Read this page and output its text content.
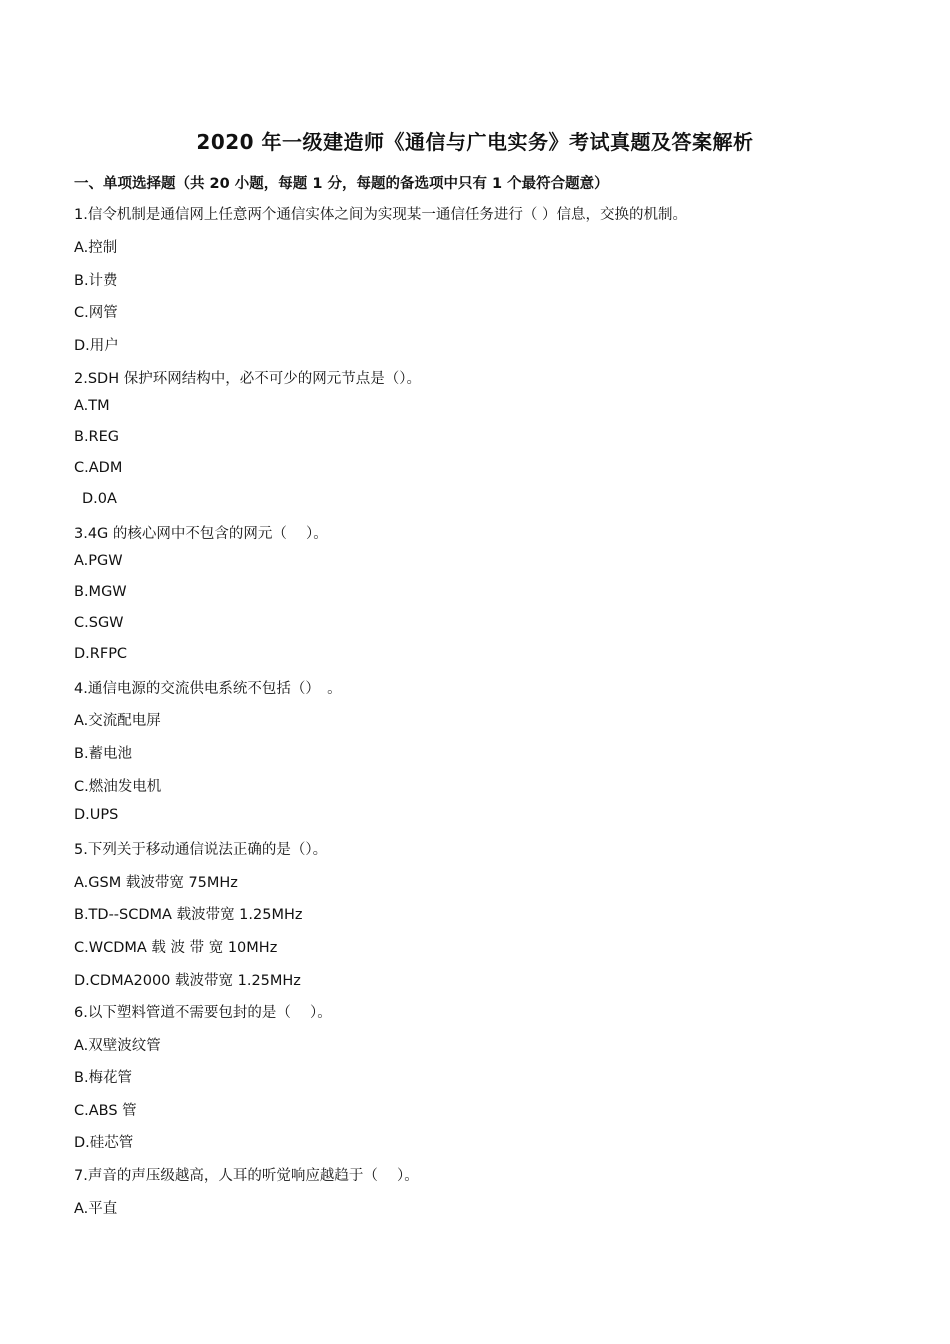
2020 年一级建造师《通信与广电实务》考试真题及答案解析
一、单项选择题（共 20 小题，每题 1 分，每题的备选项中只有 1 个最符合题意）
1.信令机制是通信网上任意两个通信实体之间为实现某一通信任务进行（ ）信息，交换的机制。
A.控制
B.计费
C.网管
D.用户
2.SDH 保护环网结构中，必不可少的网元节点是（）。
A.TM
B.REG
C.ADM
D.0A
3.4G 的核心网中不包含的网元（　 ）。
A.PGW
B.MGW
C.SGW
D.RFPC
4.通信电源的交流供电系统不包括（）　。
A.交流配电屏
B.蓄电池
C.燃油发电机
D.UPS
5.下列关于移动通信说法正确的是（）。
A.GSM 载波带宽 75MHz
B.TD--SCDMA 载波带宽 1.25MHz
C.WCDMA 载 波 带 宽 10MHz
D.CDMA2000 载波带宽 1.25MHz
6.以下塑料管道不需要包封的是（　 ）。
A.双壁波纹管
B.梅花管
C.ABS 管
D.硅芯管
7.声音的声压级越高，人耳的听觉响应越趋于（　 ）。
A.平直
